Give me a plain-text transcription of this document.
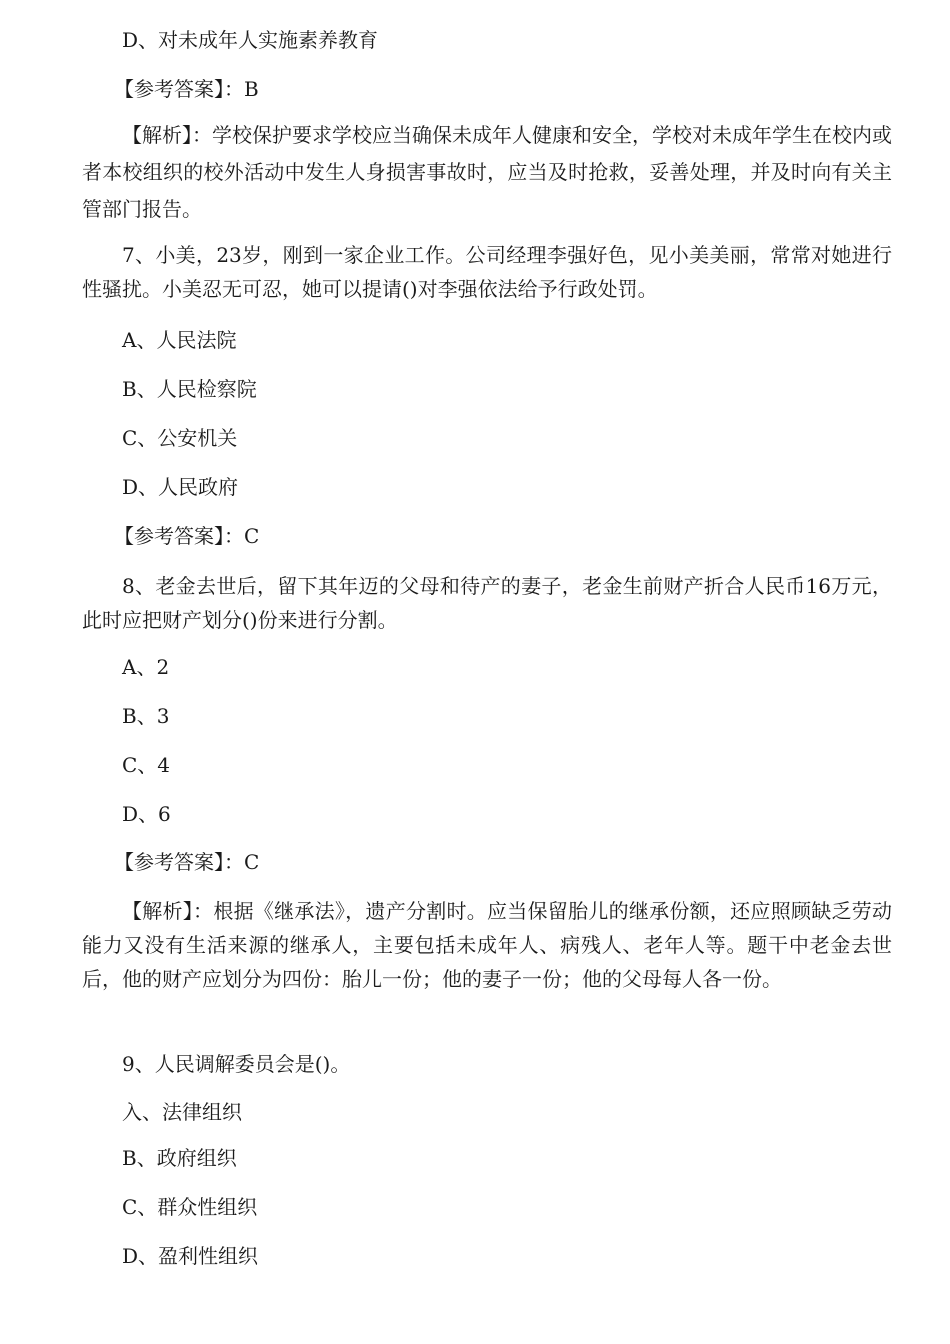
D、对未成年人实施素养教育
【参考答案】：B
【解析】：学校保护要求学校应当确保未成年人健康和安全，学校对未成年学生在校内或者本校组织的校外活动中发生人身损害事故时，应当及时抢救，妥善处理，并及时向有关主管部门报告。
7、小美，23岁，刚到一家企业工作。公司经理李强好色，见小美美丽，常常对她进行性骚扰。小美忍无可忍，她可以提请()对李强依法给予行政处罚。
A、人民法院
B、人民检察院
C、公安机关
D、人民政府
【参考答案】：C
8、老金去世后，留下其年迈的父母和待产的妻子，老金生前财产折合人民币16万元，此时应把财产划分()份来进行分割。
A、2
B、3
C、4
D、6
【参考答案】：C
【解析】：根据《继承法》，遗产分割时。应当保留胎儿的继承份额，还应照顾缺乏劳动能力又没有生活来源的继承人，主要包括未成年人、病残人、老年人等。题干中老金去世后，他的财产应划分为四份：胎儿一份；他的妻子一份；他的父母每人各一份。
9、人民调解委员会是()。
入、法律组织
B、政府组织
C、群众性组织
D、盈利性组织
